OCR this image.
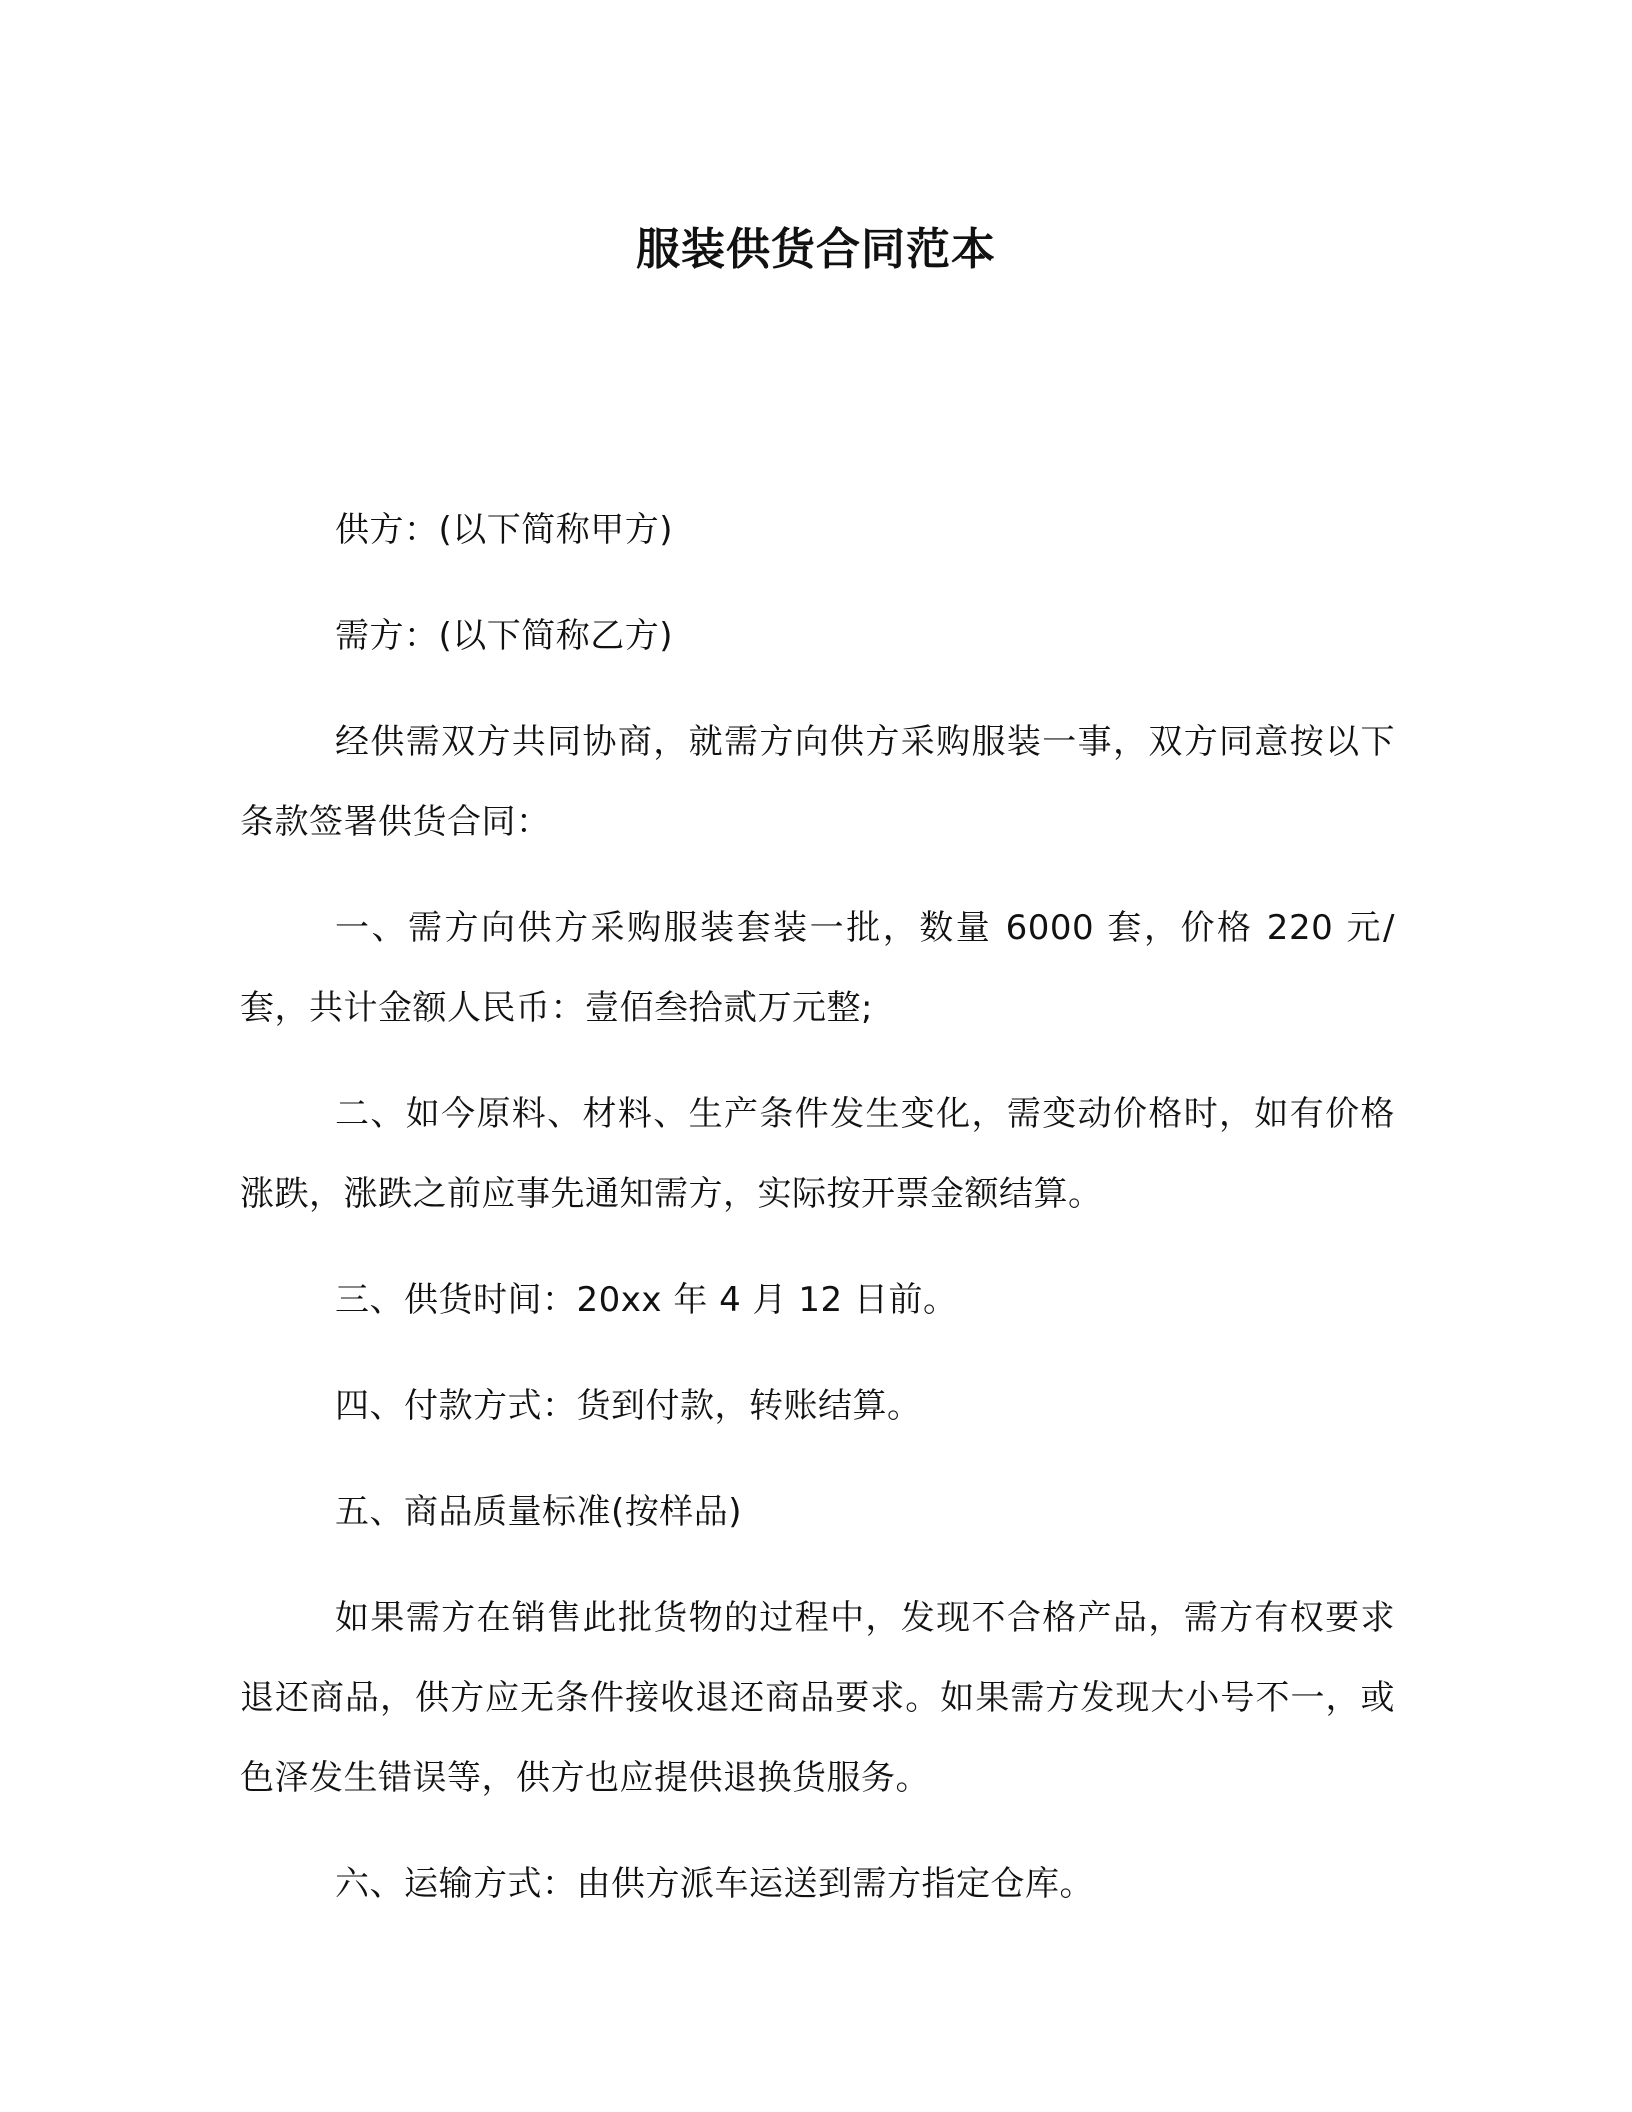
服装供货合同范本

供方：(以下简称甲方)

需方：(以下简称乙方)

经供需双方共同协商，就需方向供方采购服装一事，双方同意按以下条款签署供货合同：

一、需方向供方采购服装套装一批，数量 6000 套，价格 220 元/套，共计金额人民币：壹佰叁拾贰万元整;

二、如今原料、材料、生产条件发生变化，需变动价格时，如有价格涨跌，涨跌之前应事先通知需方，实际按开票金额结算。

三、供货时间：20xx 年 4 月 12 日前。

四、付款方式：货到付款，转账结算。

五、商品质量标准(按样品)

如果需方在销售此批货物的过程中，发现不合格产品，需方有权要求退还商品，供方应无条件接收退还商品要求。如果需方发现大小号不一，或色泽发生错误等，供方也应提供退换货服务。

六、运输方式：由供方派车运送到需方指定仓库。
